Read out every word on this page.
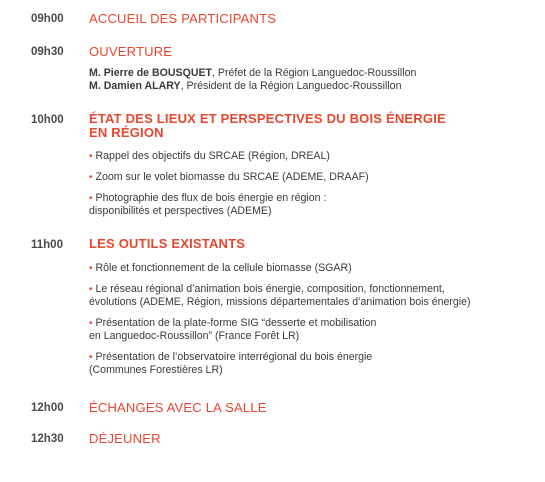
09h00 ACCUEIL DES PARTICIPANTS
09h30 OUVERTURE
M. Pierre de BOUSQUET, Préfet de la Région Languedoc-Roussillon
M. Damien ALARY, Président de la Région Languedoc-Roussillon
10h00 ÉTAT DES LIEUX ET PERSPECTIVES DU BOIS ÉNERGIE
EN RÉGION
• Rappel des objectifs du SRCAE (Région, DREAL)
• Zoom sur le volet biomasse du SRCAE (ADEME, DRAAF)
• Photographie des flux de bois énergie en région :
disponibilités et perspectives (ADEME)
11h00 LES OUTILS EXISTANTS
• Rôle et fonctionnement de la cellule biomasse (SGAR)
• Le réseau régional d’animation bois énergie, composition, fonctionnement,
évolutions (ADEME, Région, missions départementales d’animation bois énergie)
• Présentation de la plate-forme SIG “desserte et mobilisation
en Languedoc-Roussillon” (France Forêt LR)
• Présentation de l’observatoire interrégional du bois énergie
(Communes Forestières LR)
12h00 ÉCHANGES AVEC LA SALLE
12h30 DÉJEUNER
